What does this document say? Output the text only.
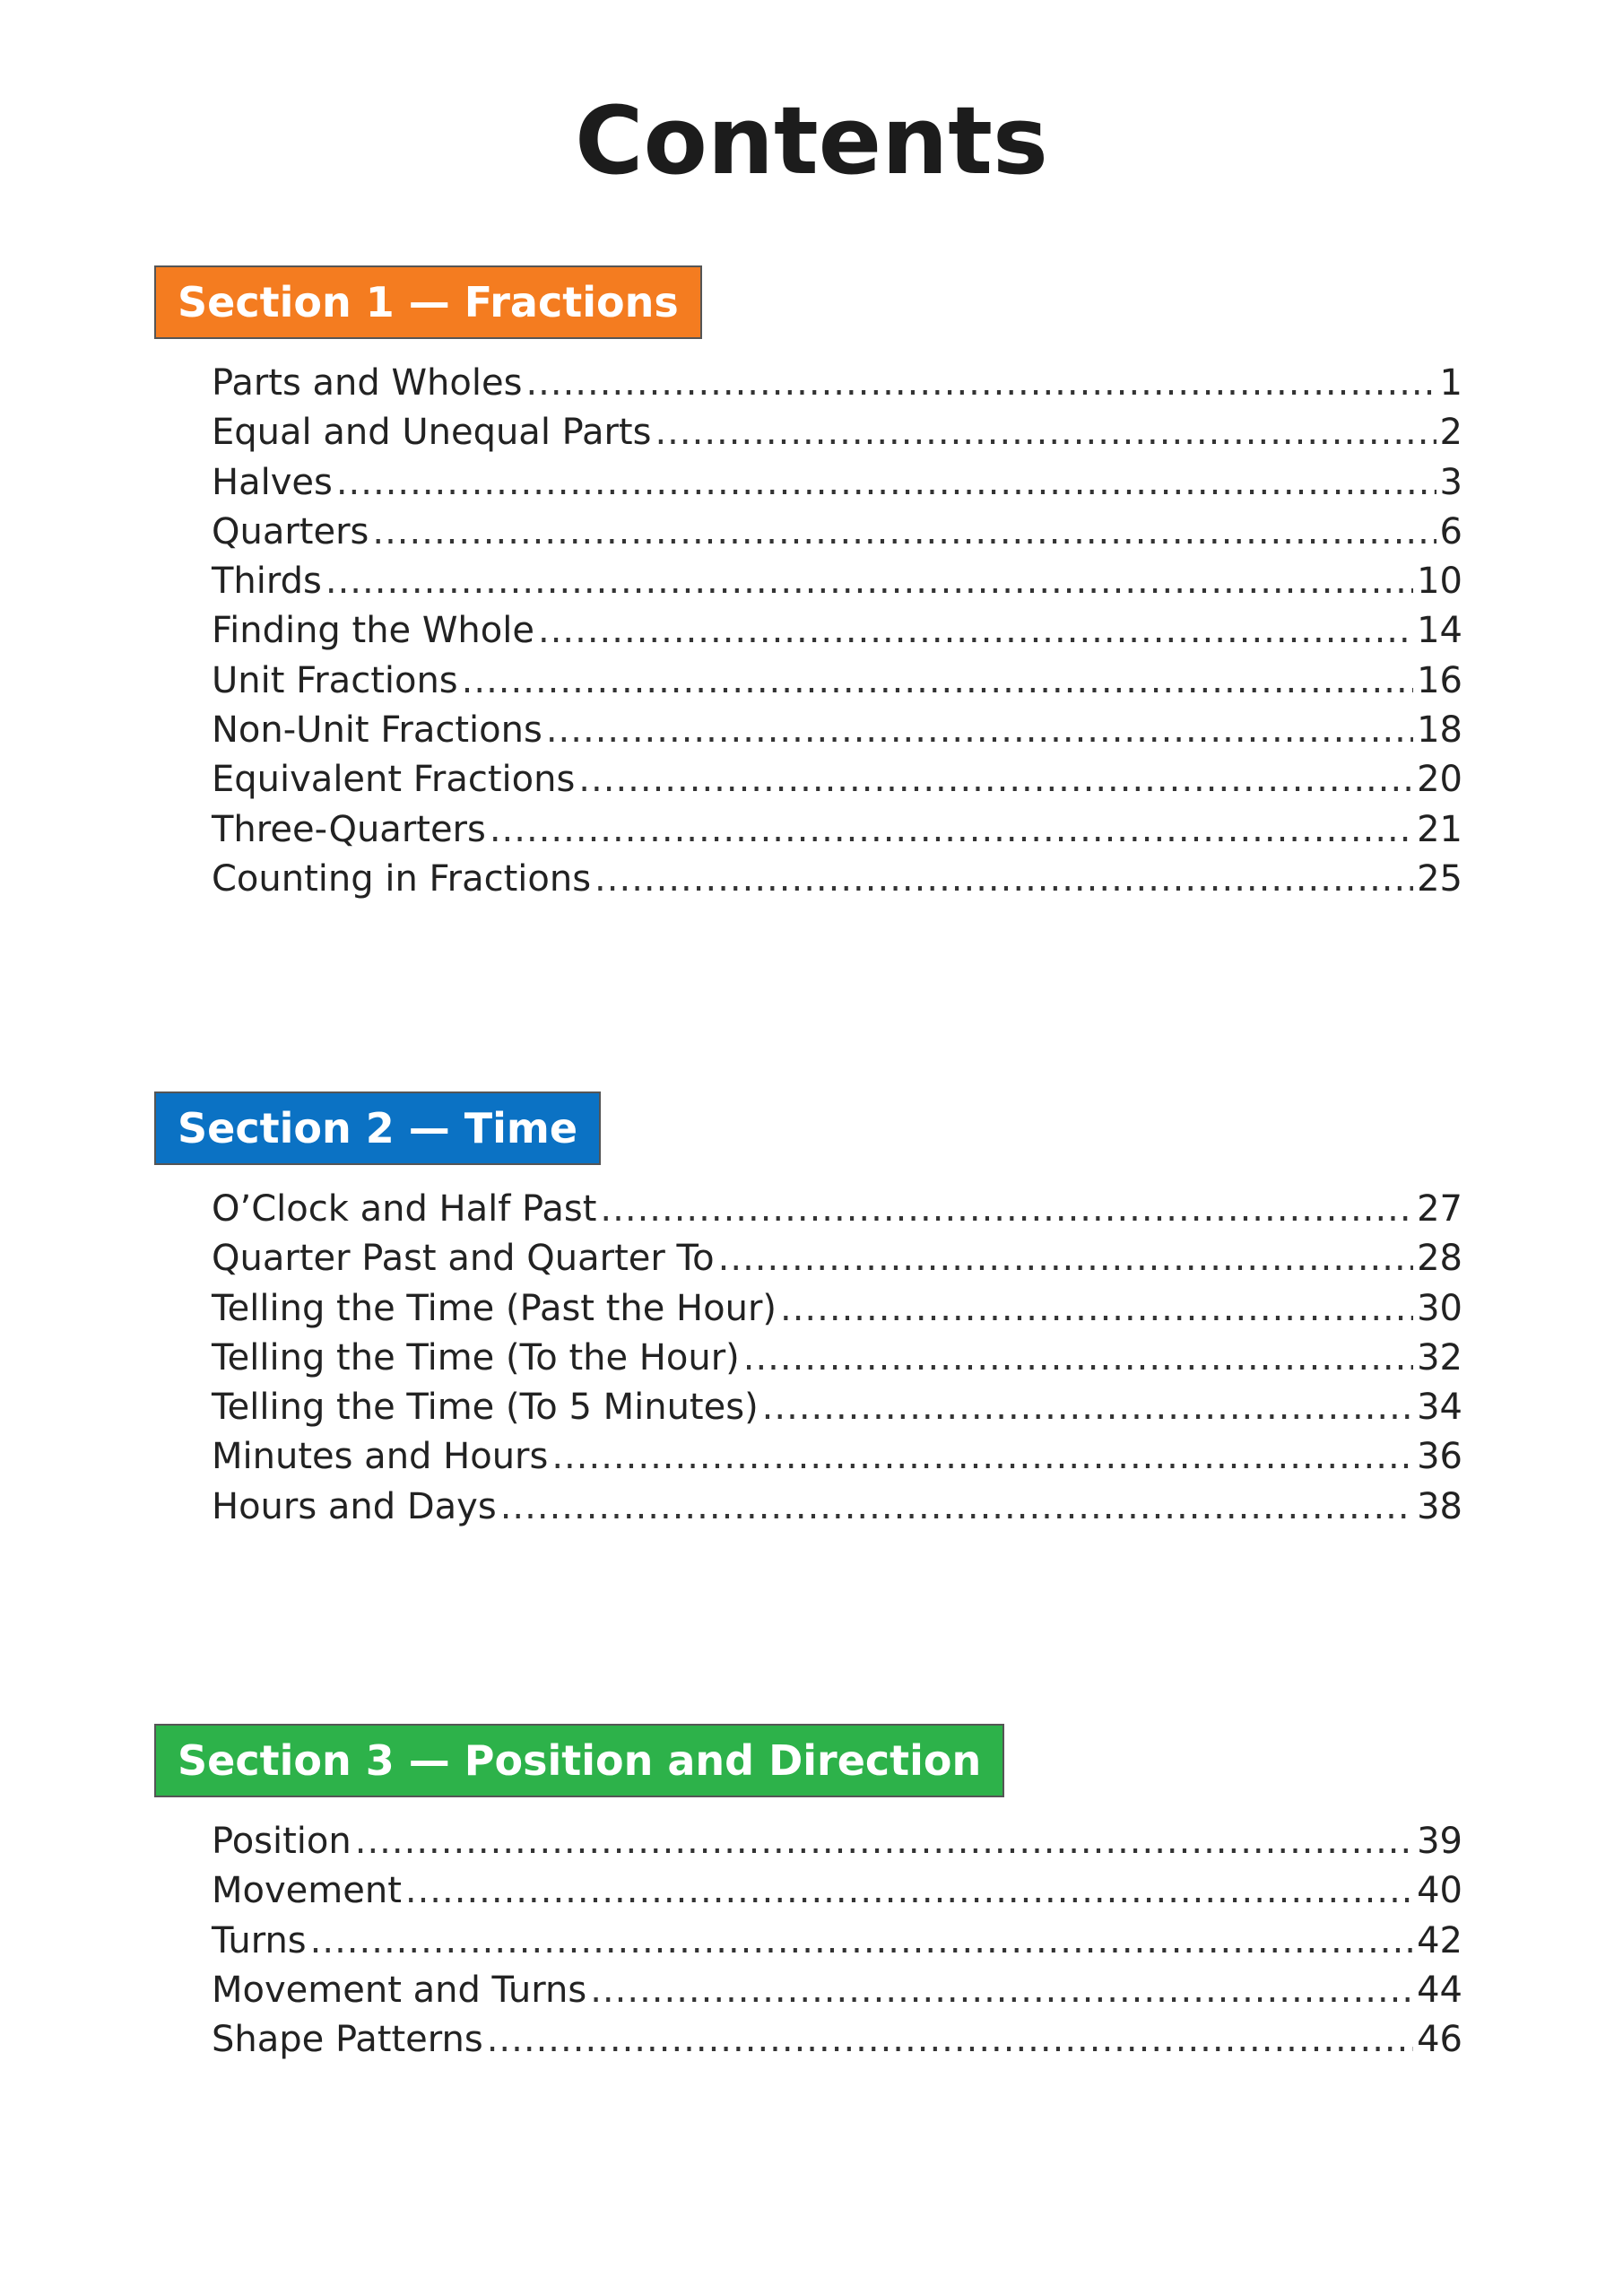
Contents
Section 1 — Fractions
Parts and Wholes .....	1
Equal and Unequal Parts .....	2
Halves .....	3
Quarters .....	6
Thirds .....	10
Finding the Whole .....	14
Unit Fractions .....	16
Non-Unit Fractions .....	18
Equivalent Fractions .....	20
Three-Quarters .....	21
Counting in Fractions .....	25
Section 2 — Time
O’Clock and Half Past .....	27
Quarter Past and Quarter To .....	28
Telling the Time (Past the Hour) .....	30
Telling the Time (To the Hour) .....	32
Telling the Time (To 5 Minutes) .....	34
Minutes and Hours .....	36
Hours and Days .....	38
Section 3 — Position and Direction
Position .....	39
Movement .....	40
Turns .....	42
Movement and Turns .....	44
Shape Patterns .....	46
